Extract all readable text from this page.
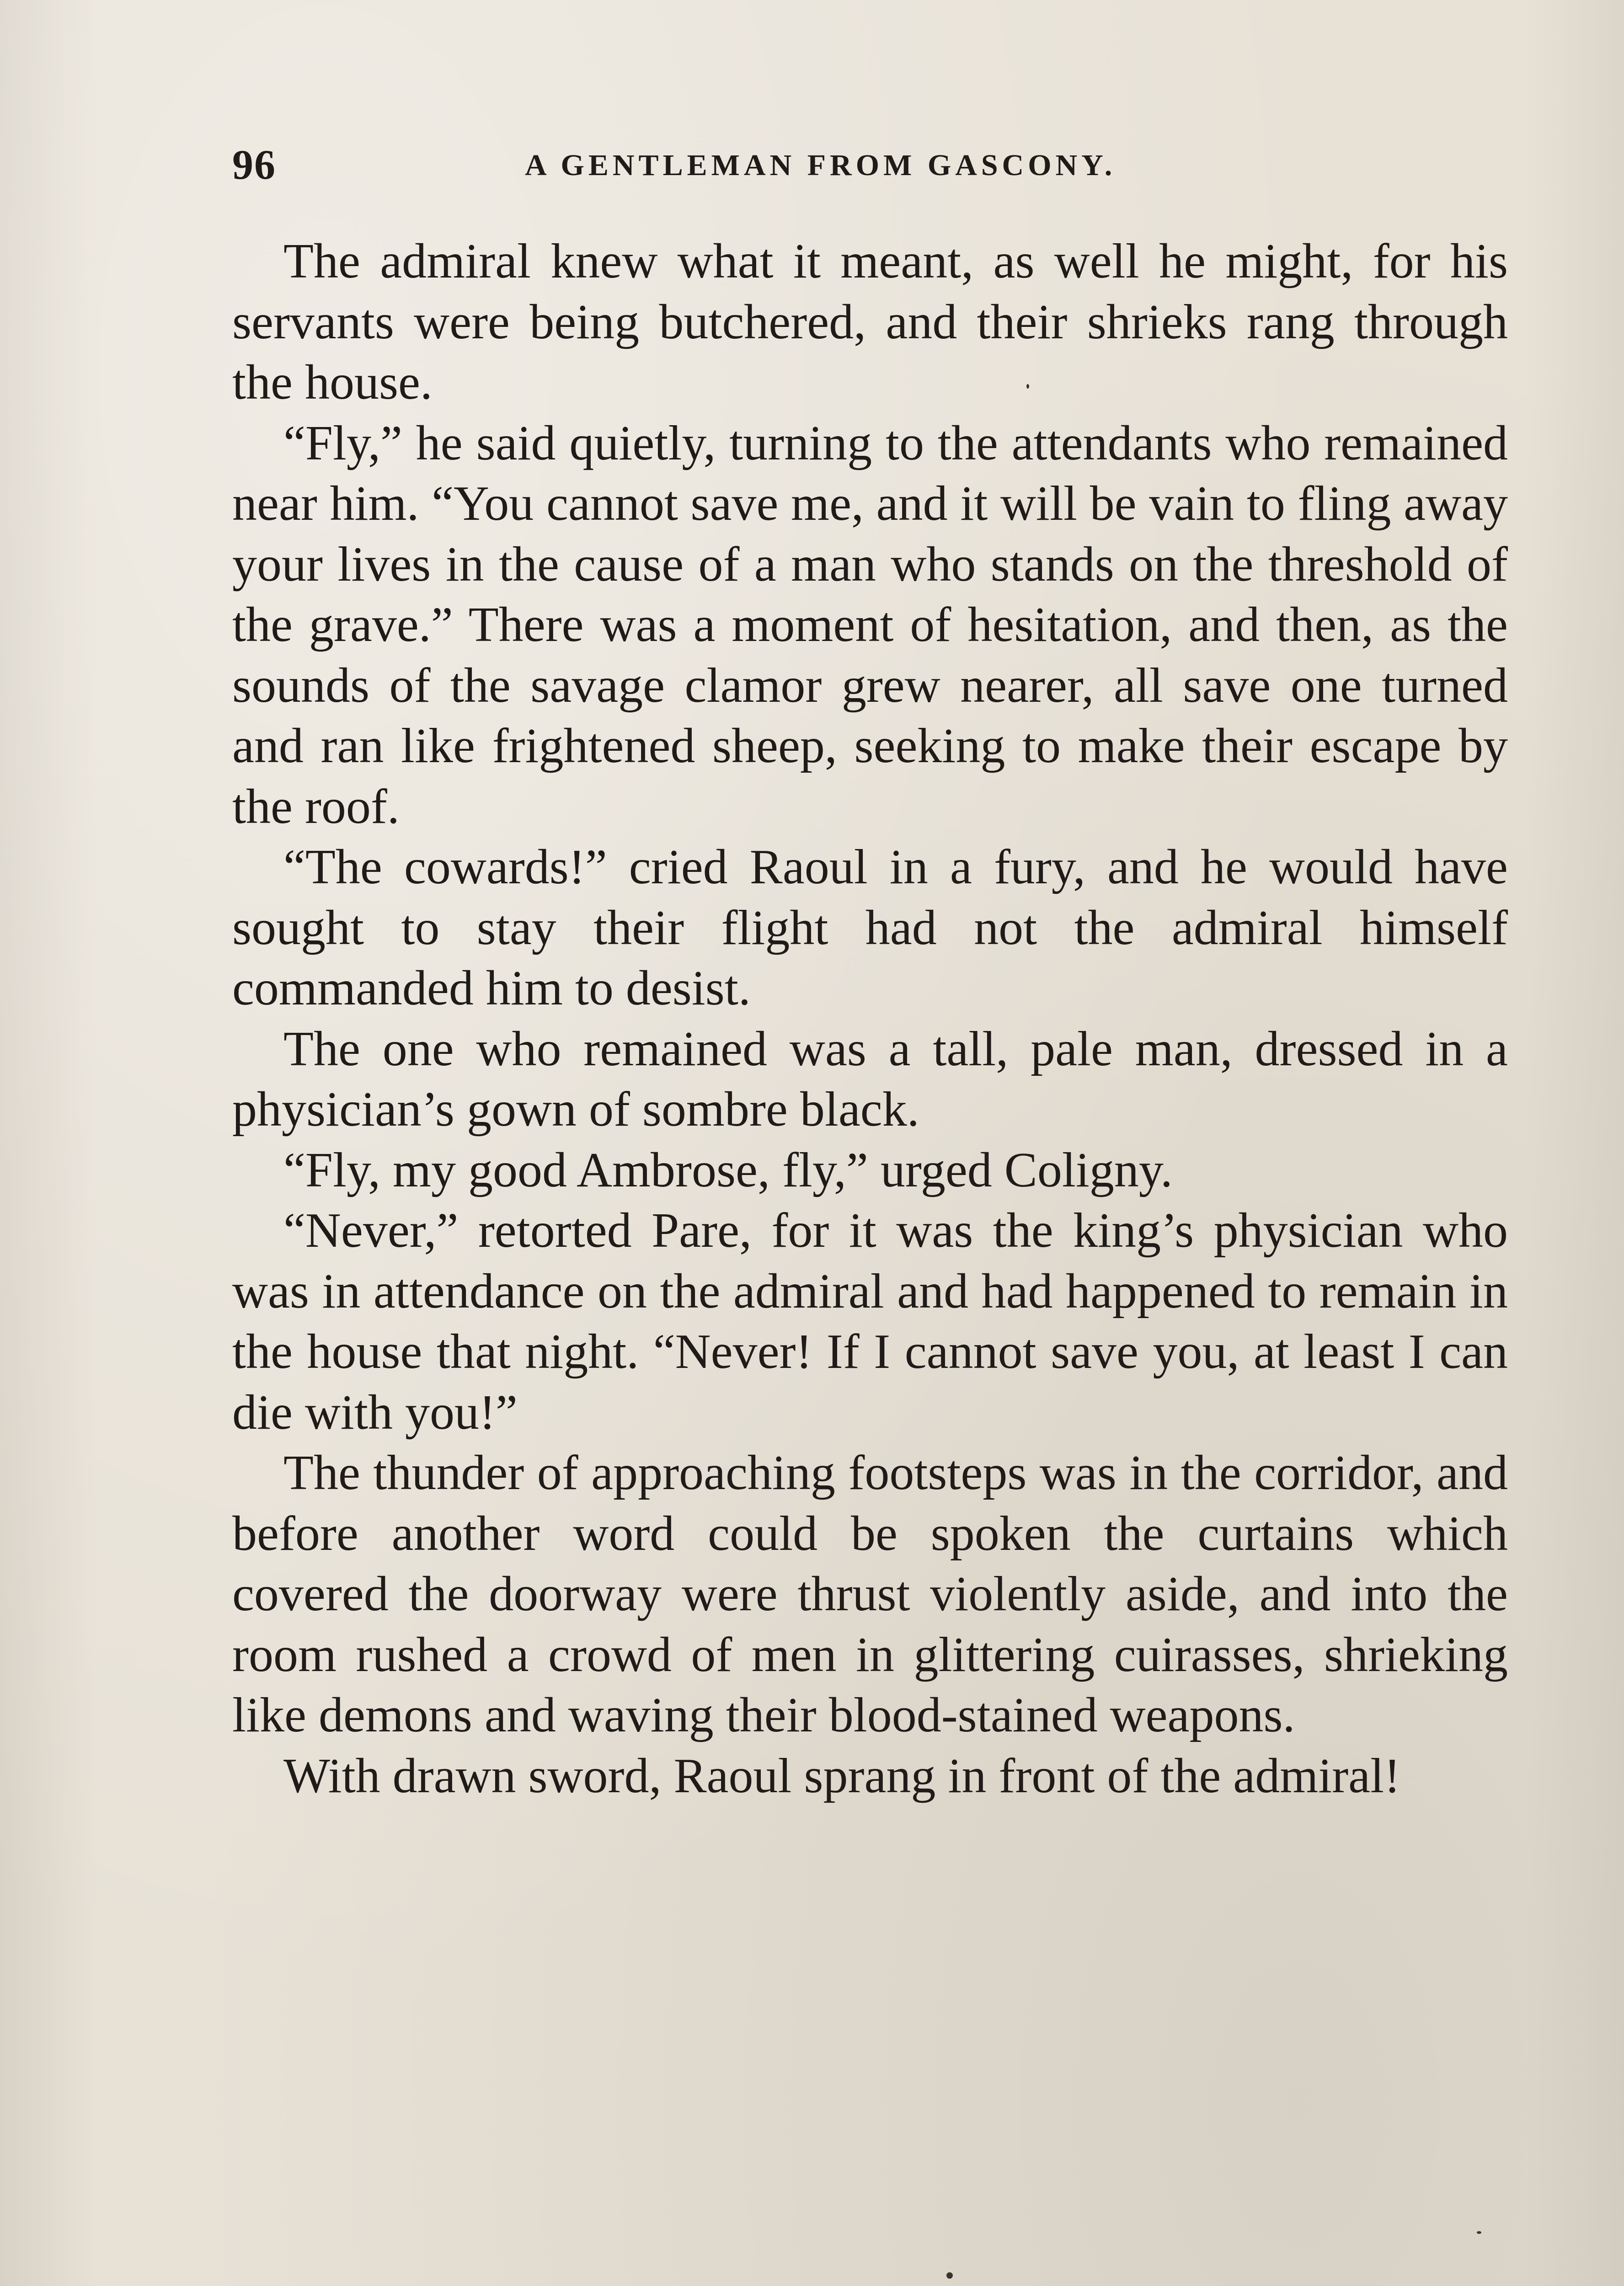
96	A GENTLEMAN FROM GASCONY.

The admiral knew what it meant, as well he might, for his servants were being butchered, and their shrieks rang through the house.

“Fly,” he said quietly, turning to the attendants who remained near him. “You cannot save me, and it will be vain to fling away your lives in the cause of a man who stands on the threshold of the grave.” There was a moment of hesitation, and then, as the sounds of the savage clamor grew nearer, all save one turned and ran like frightened sheep, seeking to make their escape by the roof.

“The cowards!” cried Raoul in a fury, and he would have sought to stay their flight had not the admiral himself commanded him to desist.

The one who remained was a tall, pale man, dressed in a physician’s gown of sombre black.

“Fly, my good Ambrose, fly,” urged Coligny.

“Never,” retorted Pare, for it was the king’s physician who was in attendance on the admiral and had happened to remain in the house that night. “Never! If I cannot save you, at least I can die with you!”

The thunder of approaching footsteps was in the corridor, and before another word could be spoken the curtains which covered the doorway were thrust violently aside, and into the room rushed a crowd of men in glittering cuirasses, shrieking like demons and waving their blood-stained weapons.

With drawn sword, Raoul sprang in front of the admiral!
